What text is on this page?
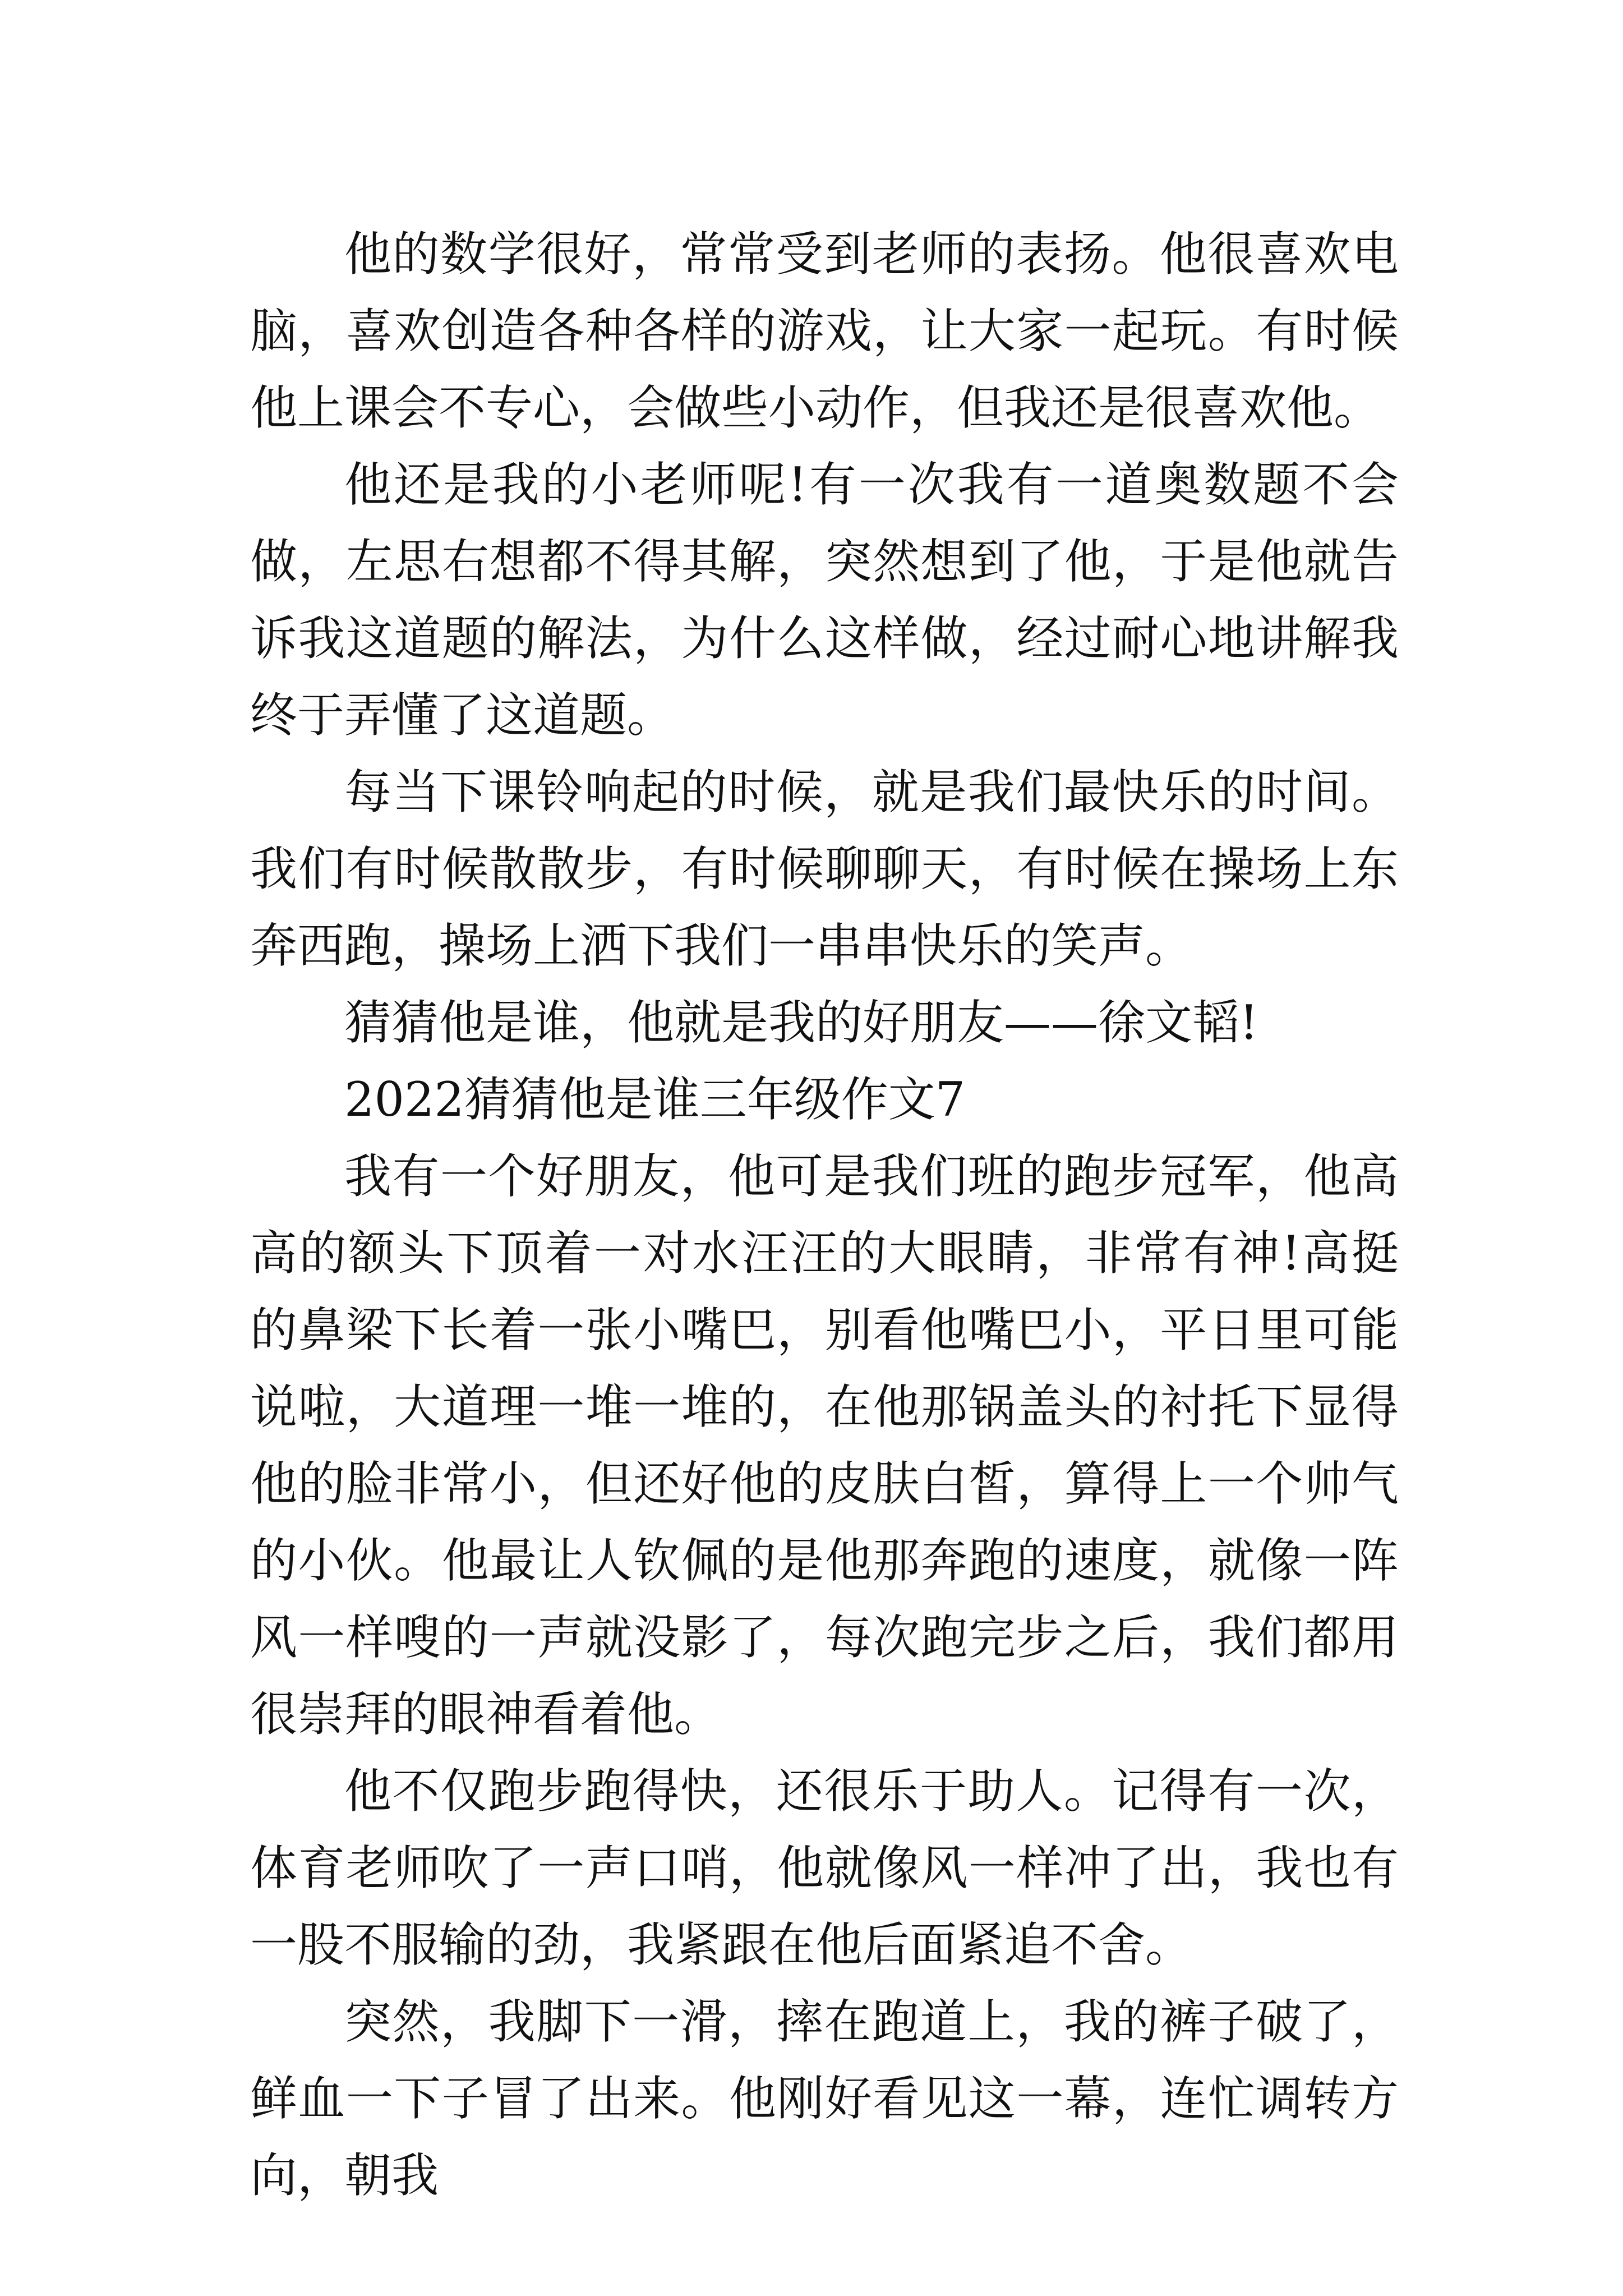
他的数学很好，常常受到老师的表扬。他很喜欢电脑，喜欢创造各种各样的游戏，让大家一起玩。有时候他上课会不专心，会做些小动作，但我还是很喜欢他。

他还是我的小老师呢!有一次我有一道奥数题不会做，左思右想都不得其解，突然想到了他，于是他就告诉我这道题的解法，为什么这样做，经过耐心地讲解我终于弄懂了这道题。

每当下课铃响起的时候，就是我们最快乐的时间。我们有时候散散步，有时候聊聊天，有时候在操场上东奔西跑，操场上洒下我们一串串快乐的笑声。

猜猜他是谁，他就是我的好朋友——徐文韬!

2022猜猜他是谁三年级作文7

我有一个好朋友，他可是我们班的跑步冠军，他高高的额头下顶着一对水汪汪的大眼睛，非常有神!高挺的鼻梁下长着一张小嘴巴，别看他嘴巴小，平日里可能说啦，大道理一堆一堆的，在他那锅盖头的衬托下显得他的脸非常小，但还好他的皮肤白皙，算得上一个帅气的小伙。他最让人钦佩的是他那奔跑的速度，就像一阵风一样嗖的一声就没影了，每次跑完步之后，我们都用很崇拜的眼神看着他。

他不仅跑步跑得快，还很乐于助人。记得有一次，体育老师吹了一声口哨，他就像风一样冲了出，我也有一股不服输的劲，我紧跟在他后面紧追不舍。

突然，我脚下一滑，摔在跑道上，我的裤子破了，鲜血一下子冒了出来。他刚好看见这一幕，连忙调转方向，朝我
